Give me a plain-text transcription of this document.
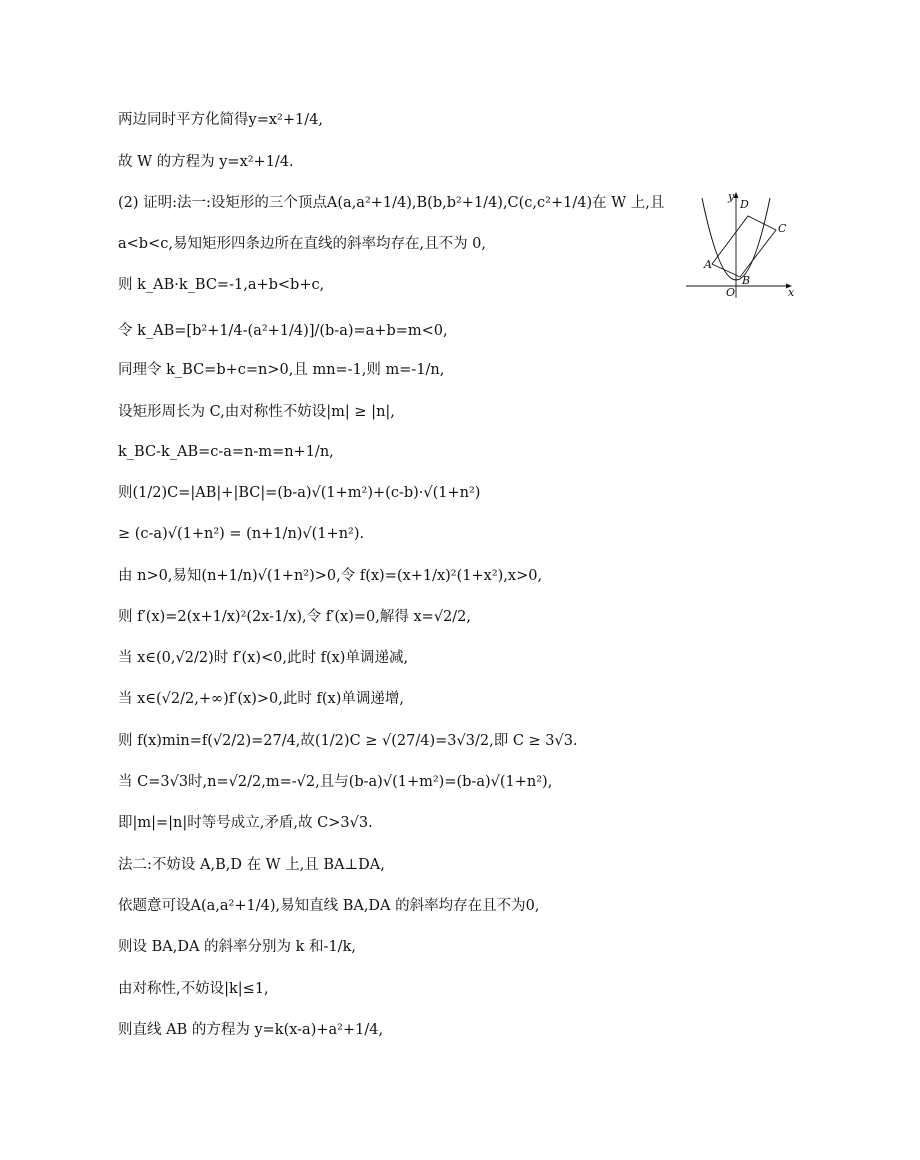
两边同时平方化简得y=x²+1/4,
故 W 的方程为 y=x²+1/4.
(2) 证明:法一:设矩形的三个顶点A(a,a²+1/4),B(b,b²+1/4),C(c,c²+1/4)在 W 上,且
a<b<c,易知矩形四条边所在直线的斜率均存在,且不为 0,
则 k_AB·k_BC=-1,a+b<b+c,
令 k_AB=[b²+1/4-(a²+1/4)]/(b-a)=a+b=m<0,
同理令 k_BC=b+c=n>0,且 mn=-1,则 m=-1/n,
设矩形周长为 C,由对称性不妨设|m| ≥ |n|,
k_BC-k_AB=c-a=n-m=n+1/n,
则(1/2)C=|AB|+|BC|=(b-a)√(1+m²)+(c-b)·√(1+n²)
≥ (c-a)√(1+n²) = (n+1/n)√(1+n²).
由 n>0,易知(n+1/n)√(1+n²)>0,令 f(x)=(x+1/x)²(1+x²),x>0,
则 f′(x)=2(x+1/x)²(2x-1/x),令 f′(x)=0,解得 x=√2/2,
当 x∈(0,√2/2)时 f′(x)<0,此时 f(x)单调递减,
当 x∈(√2/2,+∞)f′(x)>0,此时 f(x)单调递增,
则 f(x)min=f(√2/2)=27/4,故(1/2)C ≥ √(27/4)=3√3/2,即 C ≥ 3√3.
当 C=3√3时,n=√2/2,m=-√2,且与(b-a)√(1+m²)=(b-a)√(1+n²),
即|m|=|n|时等号成立,矛盾,故 C>3√3.
法二:不妨设 A,B,D 在 W 上,且 BA⊥DA,
依题意可设A(a,a²+1/4),易知直线 BA,DA 的斜率均存在且不为0,
则设 BA,DA 的斜率分别为 k 和-1/k,
由对称性,不妨设|k|≤1,
则直线 AB 的方程为 y=k(x-a)+a²+1/4,
y
x
O
A
B
C
D
